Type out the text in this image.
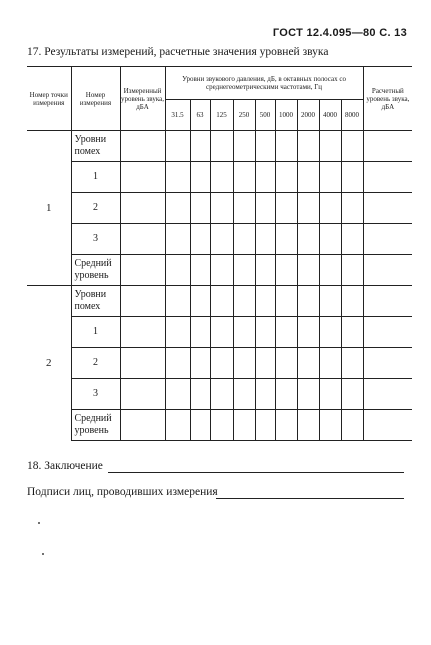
ГОСТ 12.4.095—80 С. 13
17. Результаты измерений, расчетные значения уровней звука
Номер точки измерения	Номер измерения	Измеренный уровень звука, дБА	Уровни звукового давления, дБ, в октавных полосах со среднегеометрическими частотами, Гц									Расчетный уровень звука, дБА
			31.5	63	125	250	500	1000	2000	4000	8000	
1	Уровни помех											
	1											
	2											
	3											
	Средний уровень											
2	Уровни помех											
	1											
	2											
	3											
	Средний уровень											
18. Заключение
Подписи лиц, проводивших измерения
